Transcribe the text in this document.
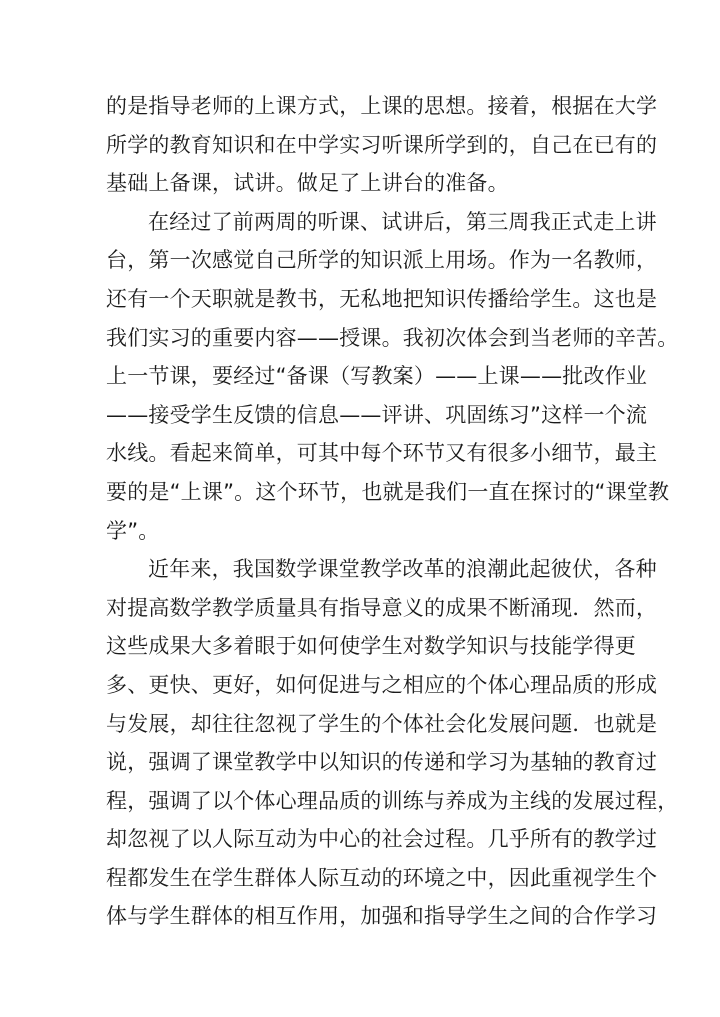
的是指导老师的上课方式，上课的思想。接着，根据在大学
所学的教育知识和在中学实习听课所学到的，自己在已有的
基础上备课，试讲。做足了上讲台的准备。
在经过了前两周的听课、试讲后，第三周我正式走上讲
台，第一次感觉自己所学的知识派上用场。作为一名教师，
还有一个天职就是教书，无私地把知识传播给学生。这也是
我们实习的重要内容——授课。我初次体会到当老师的辛苦。
上一节课，要经过“备课（写教案）——上课——批改作业
——接受学生反馈的信息——评讲、巩固练习”这样一个流
水线。看起来简单，可其中每个环节又有很多小细节，最主
要的是“上课”。这个环节，也就是我们一直在探讨的“课堂教
学”。
近年来，我国数学课堂教学改革的浪潮此起彼伏，各种
对提高数学教学质量具有指导意义的成果不断涌现．然而，
这些成果大多着眼于如何使学生对数学知识与技能学得更
多、更快、更好，如何促进与之相应的个体心理品质的形成
与发展，却往往忽视了学生的个体社会化发展问题．也就是
说，强调了课堂教学中以知识的传递和学习为基轴的教育过
程，强调了以个体心理品质的训练与养成为主线的发展过程，
却忽视了以人际互动为中心的社会过程。几乎所有的教学过
程都发生在学生群体人际互动的环境之中，因此重视学生个
体与学生群体的相互作用，加强和指导学生之间的合作学习
